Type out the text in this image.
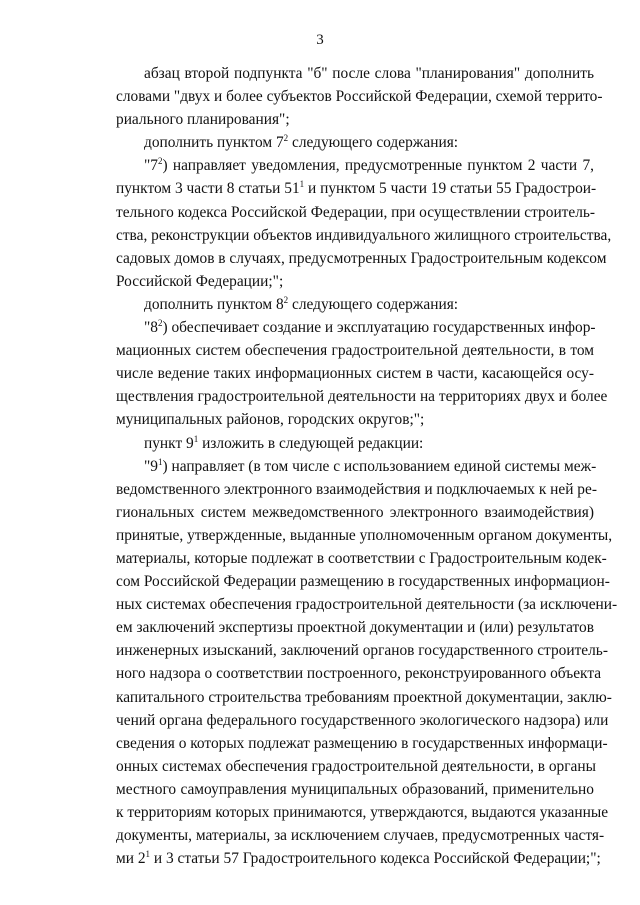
3
абзац второй подпункта "б" после слова "планирования" дополнить
словами "двух и более субъектов Российской Федерации, схемой террито-
риального планирования";
дополнить пунктом $7^2$ следующего содержания:
"$7^2$) направляет уведомления, предусмотренные пунктом 2 части 7,
пунктом 3 части 8 статьи $51^1$ и пунктом 5 части 19 статьи 55 Градострои-
тельного кодекса Российской Федерации, при осуществлении строитель-
ства, реконструкции объектов индивидуального жилищного строительства,
садовых домов в случаях, предусмотренных Градостроительным кодексом
Российской Федерации;";
дополнить пунктом $8^2$ следующего содержания:
"$8^2$) обеспечивает создание и эксплуатацию государственных инфор-
мационных систем обеспечения градостроительной деятельности, в том
числе ведение таких информационных систем в части, касающейся осу-
ществления градостроительной деятельности на территориях двух и более
муниципальных районов, городских округов;";
пункт $9^1$ изложить в следующей редакции:
"$9^1$) направляет (в том числе с использованием единой системы меж-
ведомственного электронного взаимодействия и подключаемых к ней ре-
гиональных систем межведомственного электронного взаимодействия)
принятые, утвержденные, выданные уполномоченным органом документы,
материалы, которые подлежат в соответствии с Градостроительным кодек-
сом Российской Федерации размещению в государственных информацион-
ных системах обеспечения градостроительной деятельности (за исключени-
ем заключений экспертизы проектной документации и (или) результатов
инженерных изысканий, заключений органов государственного строитель-
ного надзора о соответствии построенного, реконструированного объекта
капитального строительства требованиям проектной документации, заклю-
чений органа федерального государственного экологического надзора) или
сведения о которых подлежат размещению в государственных информаци-
онных системах обеспечения градостроительной деятельности, в органы
местного самоуправления муниципальных образований, применительно
к территориям которых принимаются, утверждаются, выдаются указанные
документы, материалы, за исключением случаев, предусмотренных частя-
ми $2^1$ и 3 статьи 57 Градостроительного кодекса Российской Федерации;";
